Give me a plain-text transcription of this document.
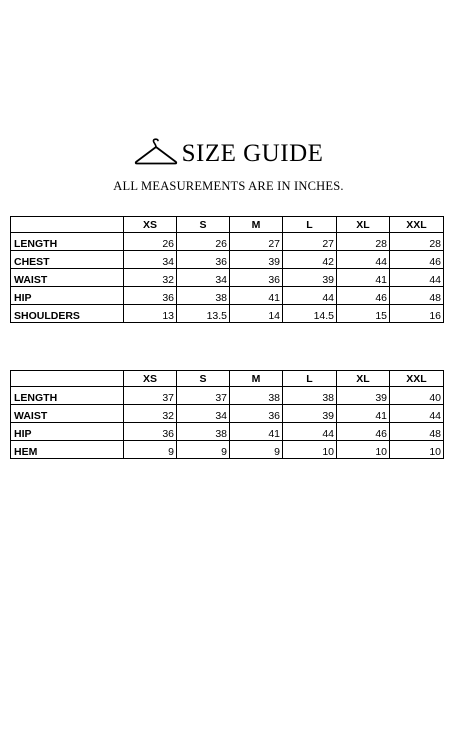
SIZE GUIDE
ALL MEASUREMENTS ARE IN INCHES.
	XS	S	M	L	XL	XXL
LENGTH	26	26	27	27	28	28
CHEST	34	36	39	42	44	46
WAIST	32	34	36	39	41	44
HIP	36	38	41	44	46	48
SHOULDERS	13	13.5	14	14.5	15	16
	XS	S	M	L	XL	XXL
LENGTH	37	37	38	38	39	40
WAIST	32	34	36	39	41	44
HIP	36	38	41	44	46	48
HEM	9	9	9	10	10	10
